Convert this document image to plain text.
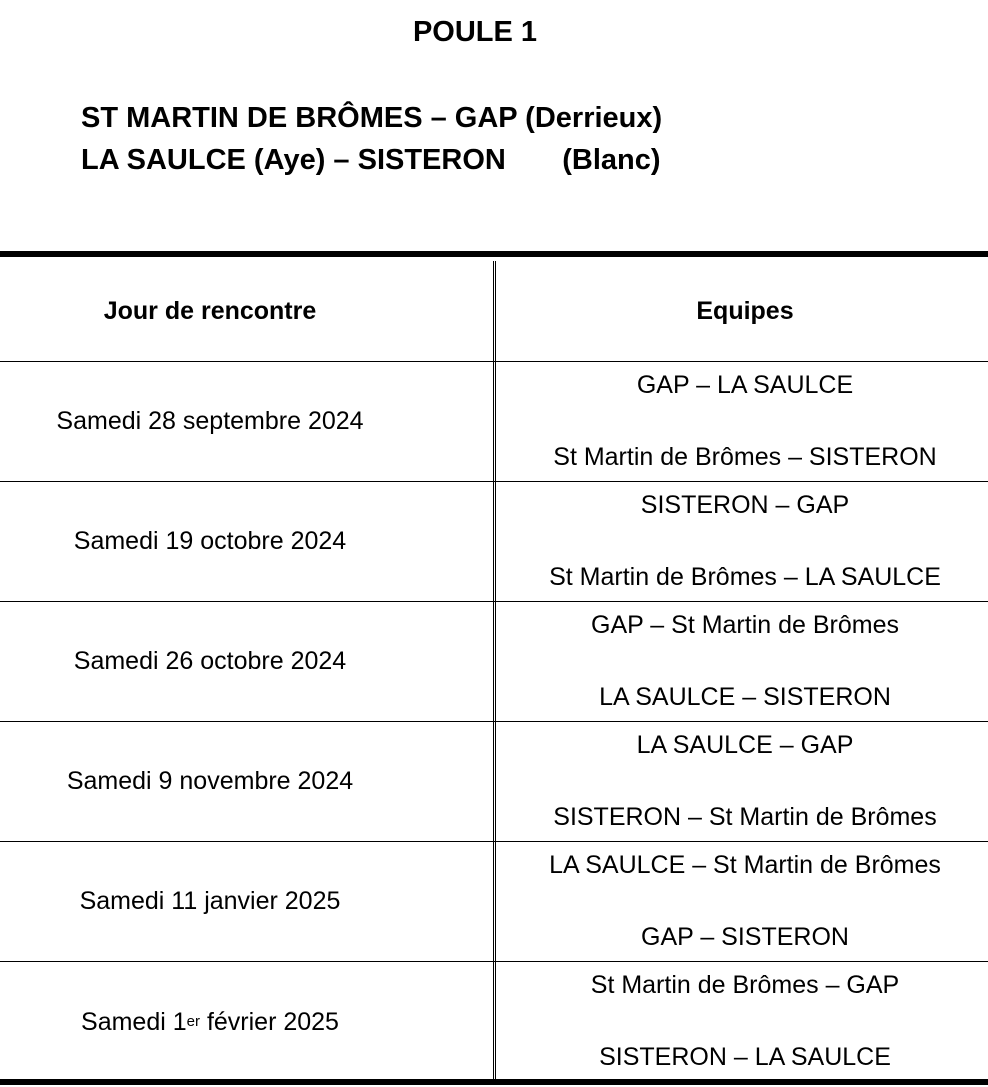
POULE 1
ST MARTIN DE BRÔMES – GAP (Derrieux)
LA SAULCE (Aye) – SISTERON       (Blanc)
Jour de rencontre	Equipes
Samedi 28 septembre 2024
GAP – LA SAULCE
St Martin de Brômes – SISTERON
Samedi 19 octobre 2024
SISTERON – GAP
St Martin de Brômes – LA SAULCE
Samedi 26 octobre 2024
GAP – St Martin de Brômes
LA SAULCE – SISTERON
Samedi 9 novembre 2024
LA SAULCE – GAP
SISTERON – St Martin de Brômes
Samedi 11 janvier 2025
LA SAULCE – St Martin de Brômes
GAP – SISTERON
Samedi 1 er février 2025
St Martin de Brômes – GAP
SISTERON – LA SAULCE
